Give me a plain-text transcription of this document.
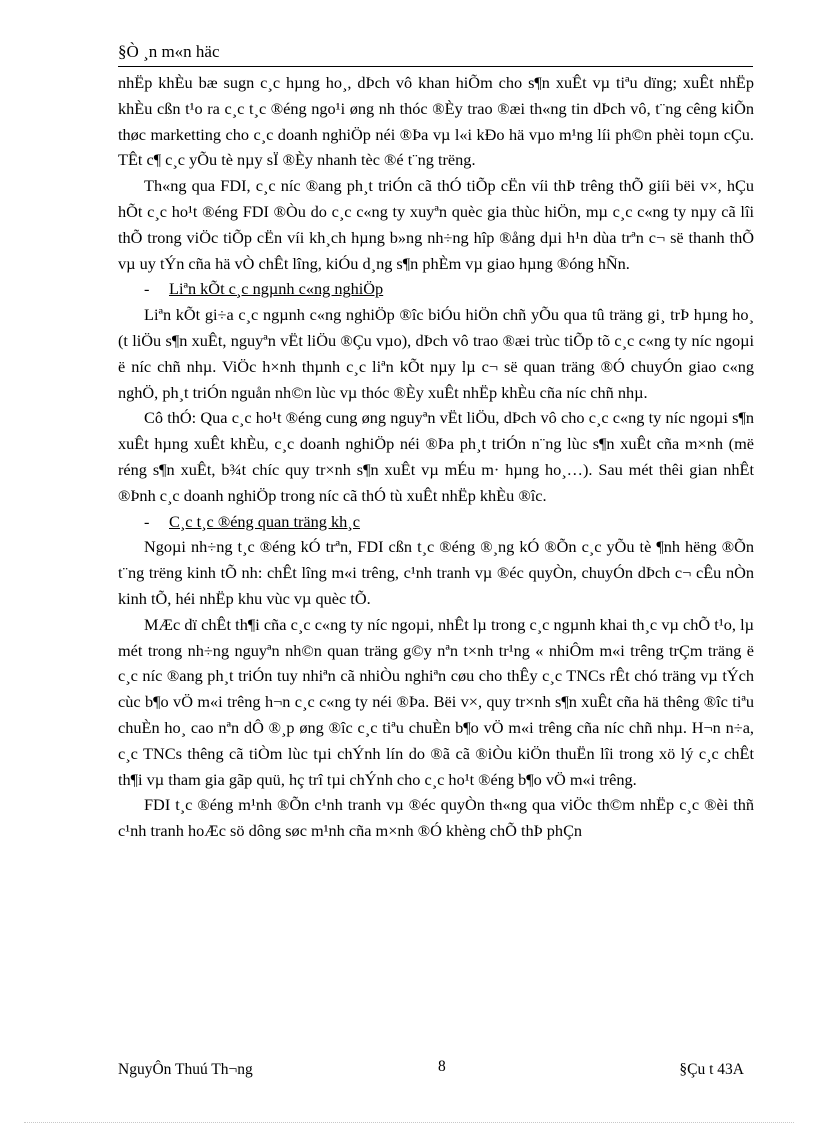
§Ò ¸n m«n häc

nhËp khÈu bæ sugn c¸c hµng ho¸, dÞch vô khan hiÕm cho s¶n xuÊt vµ tiªu dïng; xuÊt nhËp khÈu cßn t¹o ra c¸c t¸c ®éng ngo¹i øng nh thóc ®Èy trao ®æi th«ng tin dÞch vô, t¨ng cêng kiÕn thøc marketting cho c¸c doanh nghiÖp néi ®Þa vµ l«i kÐo hä vµo m¹ng líi ph©n phèi toµn cÇu. TÊt c¶ c¸c yÕu tè nµy sÏ ®Èy nhanh tèc ®é t¨ng trëng.

Th«ng qua FDI, c¸c níc ®ang ph¸t triÓn cã thÓ tiÕp cËn víi thÞ trêng thÕ giíi bëi v×, hÇu hÕt c¸c ho¹t ®éng FDI ®Òu do c¸c c«ng ty xuyªn quèc gia thùc hiÖn, mµ c¸c c«ng ty nµy cã lîi thÕ trong viÖc tiÕp cËn víi kh¸ch hµng b»ng nh÷ng hîp ®ång dµi h¹n dùa trªn c¬ së thanh thÕ vµ uy tÝn cña hä vÒ chÊt lîng, kiÓu d¸ng s¶n phÈm vµ giao hµng ®óng hÑn.

- Liªn kÕt c¸c ngµnh c«ng nghiÖp

Liªn kÕt gi÷a c¸c ngµnh c«ng nghiÖp ®îc biÓu hiÖn chñ yÕu qua tû träng gi¸ trÞ hµng ho¸ (t liÖu s¶n xuÊt, nguyªn vËt liÖu ®Çu vµo), dÞch vô trao ®æi trùc tiÕp tõ c¸c c«ng ty níc ngoµi ë níc chñ nhµ. ViÖc h×nh thµnh c¸c liªn kÕt nµy lµ c¬ së quan träng ®Ó chuyÓn giao c«ng nghÖ, ph¸t triÓn nguån nh©n lùc vµ thóc ®Èy xuÊt nhËp khÈu cña níc chñ nhµ.

Cô thÓ: Qua c¸c ho¹t ®éng cung øng nguyªn vËt liÖu, dÞch vô cho c¸c c«ng ty níc ngoµi s¶n xuÊt hµng xuÊt khÈu, c¸c doanh nghiÖp néi ®Þa ph¸t triÓn n¨ng lùc s¶n xuÊt cña m×nh (më réng s¶n xuÊt, b¾t chíc quy tr×nh s¶n xuÊt vµ mÉu m· hµng ho¸…). Sau mét thêi gian nhÊt ®Þnh c¸c doanh nghiÖp trong níc cã thÓ tù xuÊt nhËp khÈu ®îc.

- C¸c t¸c ®éng quan träng kh¸c

Ngoµi nh÷ng t¸c ®éng kÓ trªn, FDI cßn t¸c ®éng ®¸ng kÓ ®Õn c¸c yÕu tè ¶nh hëng ®Õn t¨ng trëng kinh tÕ nh: chÊt lîng m«i trêng, c¹nh tranh vµ ®éc quyÒn, chuyÓn dÞch c¬ cÊu nÒn kinh tÕ, héi nhËp khu vùc vµ quèc tÕ.

MÆc dï chÊt th¶i cña c¸c c«ng ty níc ngoµi, nhÊt lµ trong c¸c ngµnh khai th¸c vµ chÕ t¹o, lµ mét trong nh÷ng nguyªn nh©n quan träng g©y nªn t×nh tr¹ng « nhiÔm m«i trêng trÇm träng ë c¸c níc ®ang ph¸t triÓn tuy nhiªn cã nhiÒu nghiªn cøu cho thÊy c¸c TNCs rÊt chó träng vµ tÝch cùc b¶o vÖ m«i trêng h¬n c¸c c«ng ty néi ®Þa. Bëi v×, quy tr×nh s¶n xuÊt cña hä thêng ®îc tiªu chuÈn ho¸ cao nªn dÔ ®¸p øng ®îc c¸c tiªu chuÈn b¶o vÖ m«i trêng cña níc chñ nhµ. H¬n n÷a, c¸c TNCs thêng cã tiÒm lùc tµi chÝnh lín do ®ã cã ®iÒu kiÖn thuËn lîi trong xö lý c¸c chÊt th¶i vµ tham gia gãp quü, hç trî tµi chÝnh cho c¸c ho¹t ®éng b¶o vÖ m«i trêng.

FDI t¸c ®éng m¹nh ®Õn c¹nh tranh vµ ®éc quyÒn th«ng qua viÖc th©m nhËp c¸c ®èi thñ c¹nh tranh hoÆc sö dông søc m¹nh cña m×nh ®Ó khèng chÕ thÞ phÇn

NguyÔn Thuú Th¬ng	8	§Çu t 43A
